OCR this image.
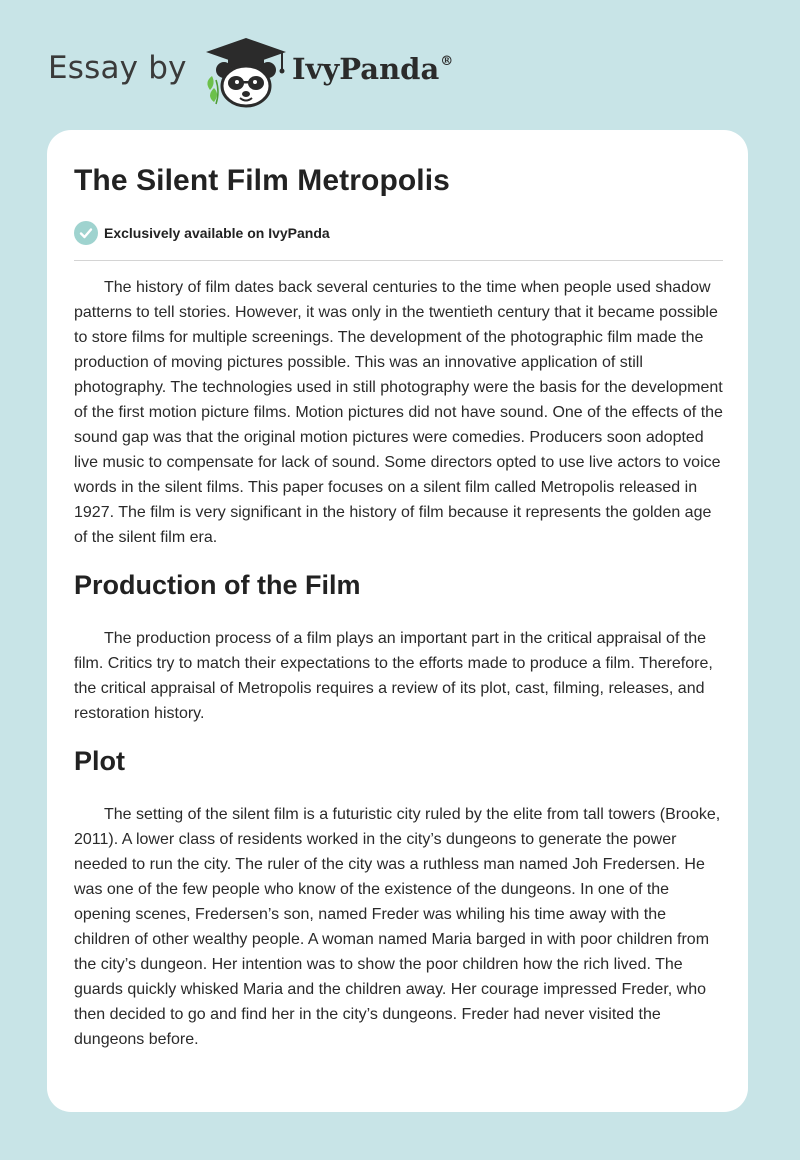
Essay by	IvyPanda®
The Silent Film Metropolis
Exclusively available on IvyPanda

The history of film dates back several centuries to the time when people used shadow patterns to tell stories. However, it was only in the twentieth century that it became possible to store films for multiple screenings. The development of the photographic film made the production of moving pictures possible. This was an innovative application of still photography. The technologies used in still photography were the basis for the development of the first motion picture films. Motion pictures did not have sound. One of the effects of the sound gap was that the original motion pictures were comedies. Producers soon adopted live music to compensate for lack of sound. Some directors opted to use live actors to voice words in the silent films. This paper focuses on a silent film called Metropolis released in 1927. The film is very significant in the history of film because it represents the golden age of the silent film era.

Production of the Film

The production process of a film plays an important part in the critical appraisal of the film. Critics try to match their expectations to the efforts made to produce a film. Therefore, the critical appraisal of Metropolis requires a review of its plot, cast, filming, releases, and restoration history.

Plot

The setting of the silent film is a futuristic city ruled by the elite from tall towers (Brooke, 2011). A lower class of residents worked in the city’s dungeons to generate the power needed to run the city. The ruler of the city was a ruthless man named Joh Fredersen. He was one of the few people who know of the existence of the dungeons. In one of the opening scenes, Fredersen’s son, named Freder was whiling his time away with the children of other wealthy people. A woman named Maria barged in with poor children from the city’s dungeon. Her intention was to show the poor children how the rich lived. The guards quickly whisked Maria and the children away. Her courage impressed Freder, who then decided to go and find her in the city’s dungeons. Freder had never visited the dungeons before.
